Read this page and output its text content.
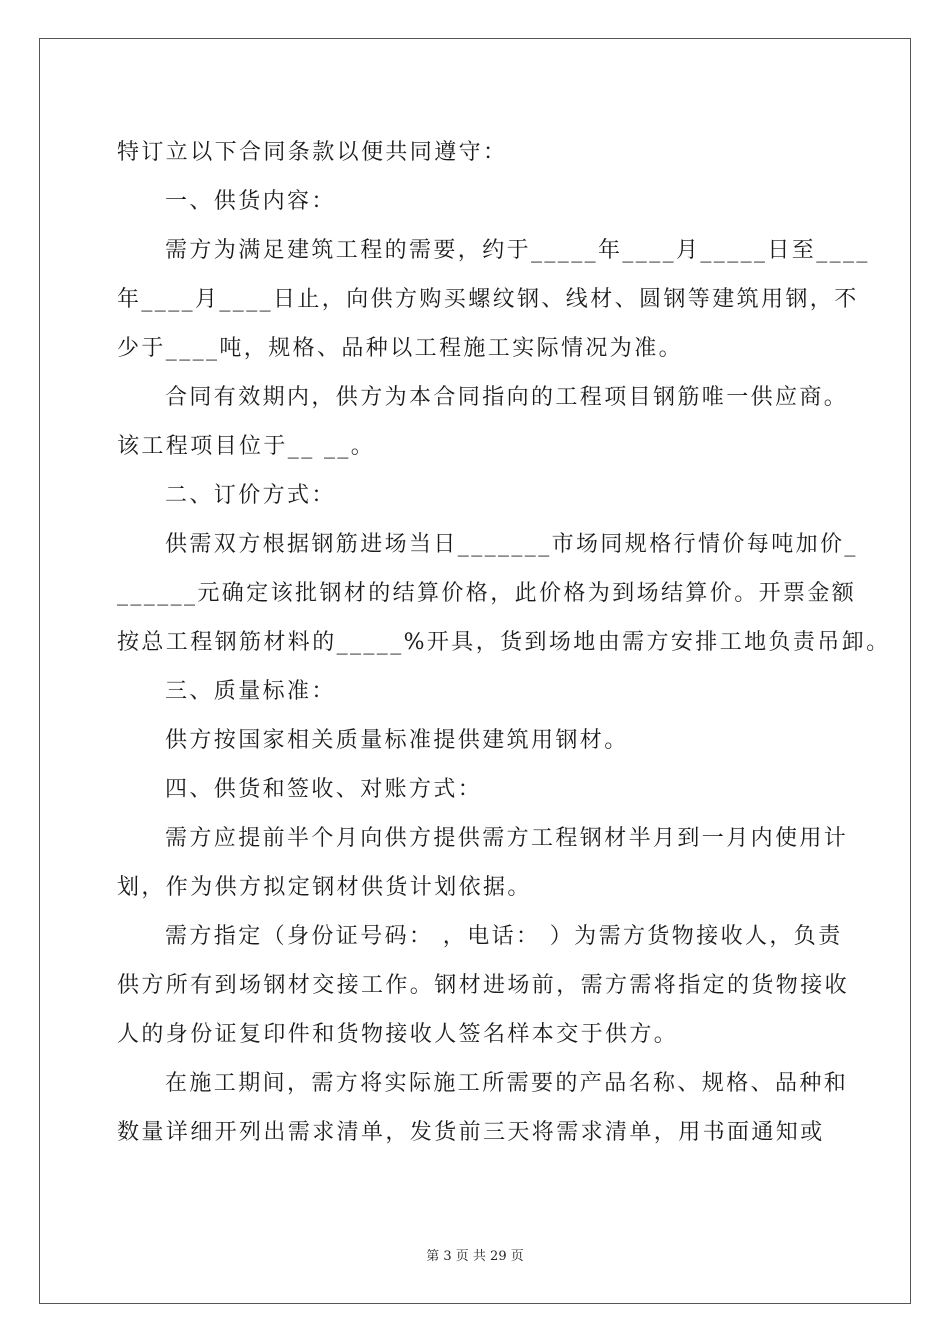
特订立以下合同条款以便共同遵守：
一、供货内容：
需方为满足建筑工程的需要，约于_____年____月_____日至____
年____月____日止，向供方购买螺纹钢、线材、圆钢等建筑用钢，不
少于____吨，规格、品种以工程施工实际情况为准。
合同有效期内，供方为本合同指向的工程项目钢筋唯一供应商。
该工程项目位于__ __。
二、订价方式：
供需双方根据钢筋进场当日_______市场同规格行情价每吨加价_
______元确定该批钢材的结算价格，此价格为到场结算价。开票金额
按总工程钢筋材料的_____%开具，货到场地由需方安排工地负责吊卸。
三、质量标准：
供方按国家相关质量标准提供建筑用钢材。
四、供货和签收、对账方式：
需方应提前半个月向供方提供需方工程钢材半月到一月内使用计
划，作为供方拟定钢材供货计划依据。
需方指定（身份证号码： ，电话： ）为需方货物接收人，负责
供方所有到场钢材交接工作。钢材进场前，需方需将指定的货物接收
人的身份证复印件和货物接收人签名样本交于供方。
在施工期间，需方将实际施工所需要的产品名称、规格、品种和
数量详细开列出需求清单，发货前三天将需求清单，用书面通知或
第 3 页 共 29 页
